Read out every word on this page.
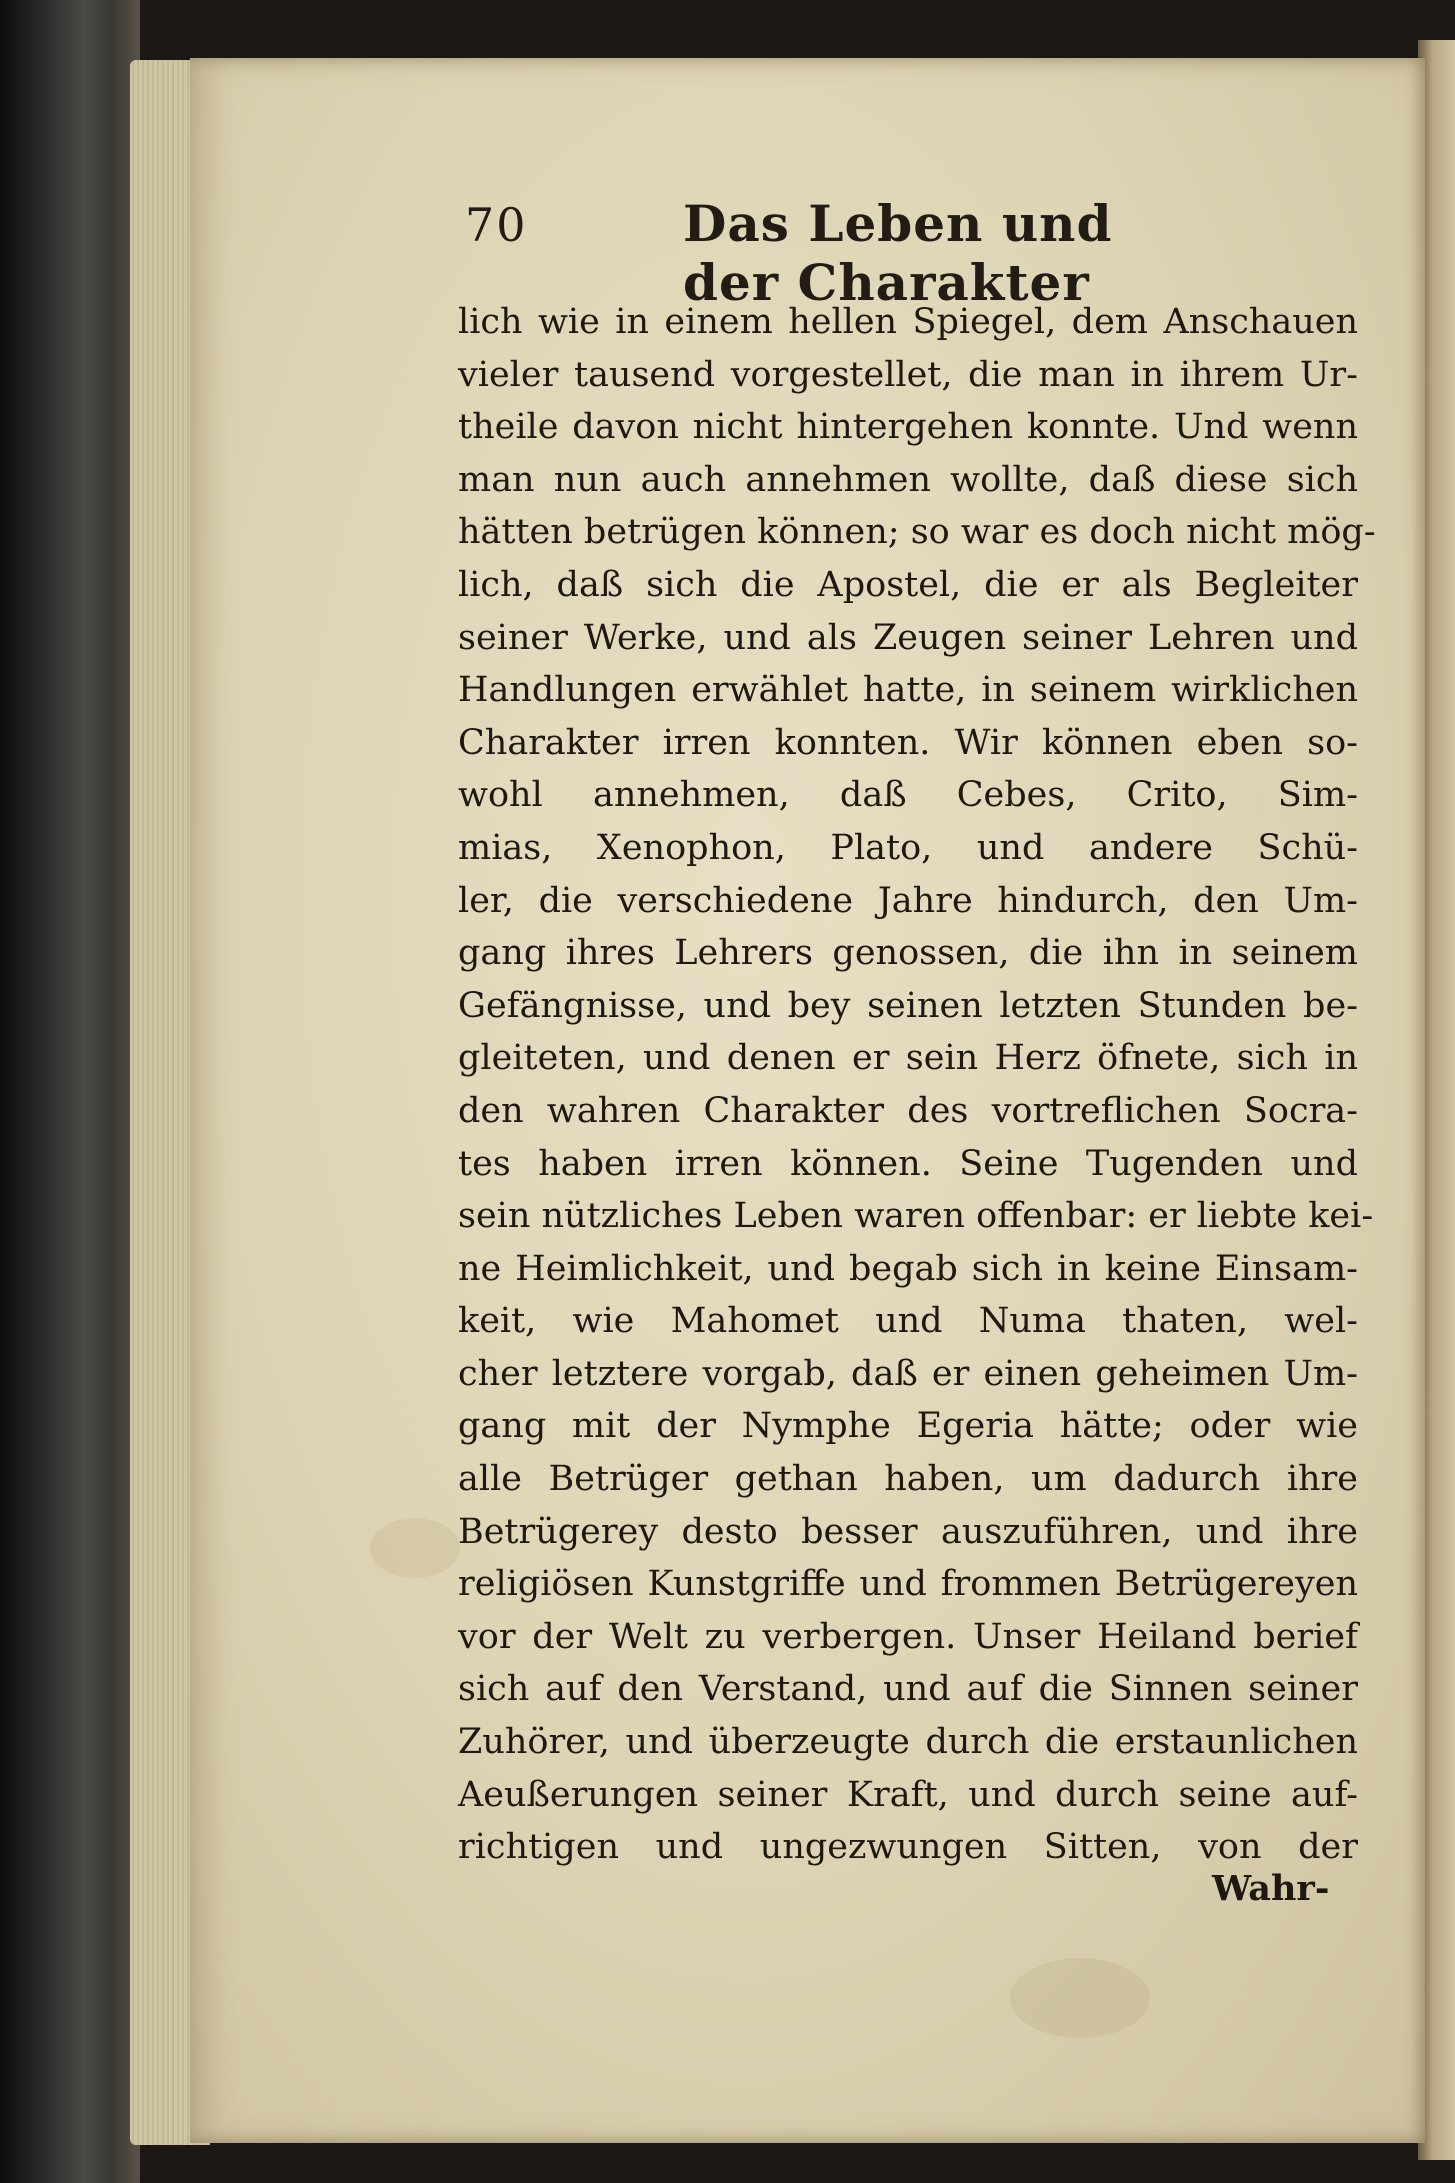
70	Das Leben und der Charakter
lich wie in einem hellen Spiegel, dem Anschauen
vieler tausend vorgestellet, die man in ihrem Ur-
theile davon nicht hintergehen konnte. Und wenn
man nun auch annehmen wollte, daß diese sich
hätten betrügen können; so war es doch nicht mög-
lich, daß sich die Apostel, die er als Begleiter
seiner Werke, und als Zeugen seiner Lehren und
Handlungen erwählet hatte, in seinem wirklichen
Charakter irren konnten. Wir können eben so-
wohl annehmen, daß Cebes, Crito, Sim-
mias, Xenophon, Plato, und andere Schü-
ler, die verschiedene Jahre hindurch, den Um-
gang ihres Lehrers genossen, die ihn in seinem
Gefängnisse, und bey seinen letzten Stunden be-
gleiteten, und denen er sein Herz öfnete, sich in
den wahren Charakter des vortreflichen Socra-
tes haben irren können. Seine Tugenden und
sein nützliches Leben waren offenbar: er liebte kei-
ne Heimlichkeit, und begab sich in keine Einsam-
keit, wie Mahomet und Numa thaten, wel-
cher letztere vorgab, daß er einen geheimen Um-
gang mit der Nymphe Egeria hätte; oder wie
alle Betrüger gethan haben, um dadurch ihre
Betrügerey desto besser auszuführen, und ihre
religiösen Kunstgriffe und frommen Betrügereyen
vor der Welt zu verbergen. Unser Heiland berief
sich auf den Verstand, und auf die Sinnen seiner
Zuhörer, und überzeugte durch die erstaunlichen
Aeußerungen seiner Kraft, und durch seine auf-
richtigen und ungezwungen Sitten, von der
Wahr-
